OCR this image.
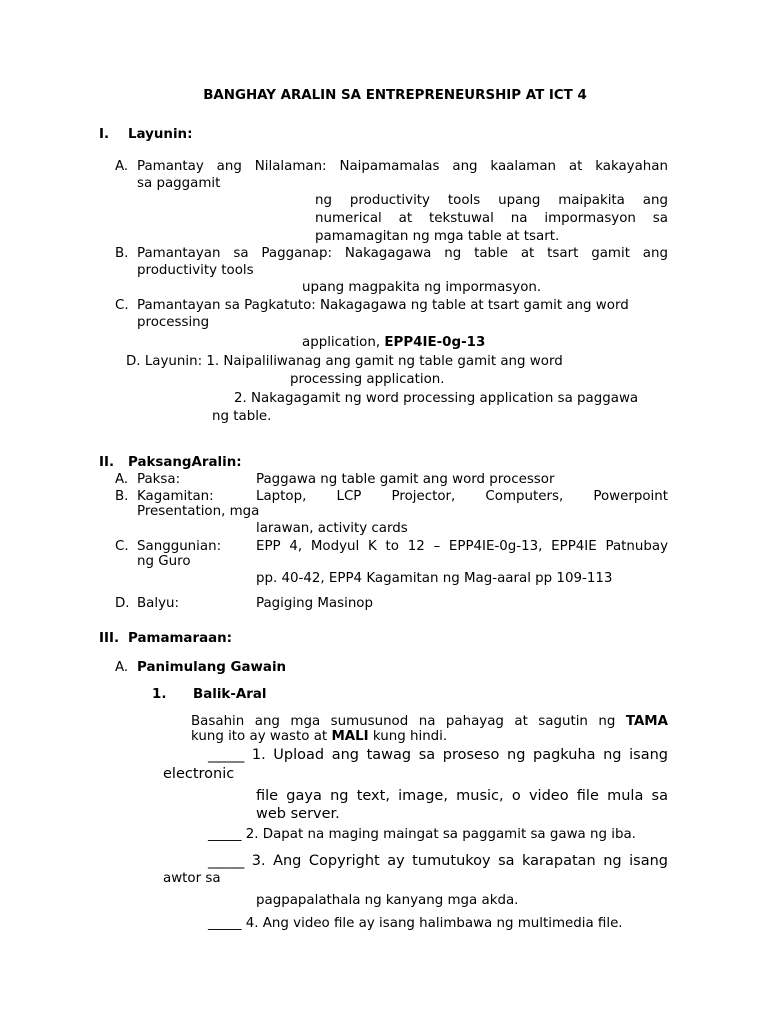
BANGHAY ARALIN SA ENTREPRENEURSHIP AT ICT 4
I. Layunin:
A. Pamantay ang Nilalaman: Naipamamalas ang kaalaman at kakayahan
sa paggamit
ng productivity tools upang maipakita ang
numerical at tekstuwal na impormasyon sa
pamamagitan ng mga table at tsart.
B. Pamantayan sa Pagganap: Nakagagawa ng table at tsart gamit ang
productivity tools
upang magpakita ng impormasyon.
C. Pamantayan sa Pagkatuto: Nakagagawa ng table at tsart gamit ang word
processing
application, EPP4IE-0g-13
D. Layunin: 1. Naipaliliwanag ang gamit ng table gamit ang word
processing application.
2. Nakagagamit ng word processing application sa paggawa
ng table.
II. PaksangAralin:
A. Paksa:	Paggawa ng table gamit ang word processor
B. Kagamitan:	Laptop, LCP Projector, Computers, Powerpoint
Presentation, mga
larawan, activity cards
C. Sanggunian:	EPP 4, Modyul K to 12 – EPP4IE-0g-13, EPP4IE Patnubay
ng Guro
pp. 40-42, EPP4 Kagamitan ng Mag-aaral pp 109-113
D. Balyu:	Pagiging Masinop
III. Pamamaraan:
A. Panimulang Gawain
1. Balik-Aral
Basahin ang mga sumusunod na pahayag at sagutin ng TAMA
kung ito ay wasto at MALI kung hindi.
_____ 1. Upload ang tawag sa proseso ng pagkuha ng isang
electronic
file gaya ng text, image, music, o video file mula sa
web server.
_____ 2. Dapat na maging maingat sa paggamit sa gawa ng iba.
_____ 3. Ang Copyright ay tumutukoy sa karapatan ng isang
awtor sa
pagpapalathala ng kanyang mga akda.
_____ 4. Ang video file ay isang halimbawa ng multimedia file.
